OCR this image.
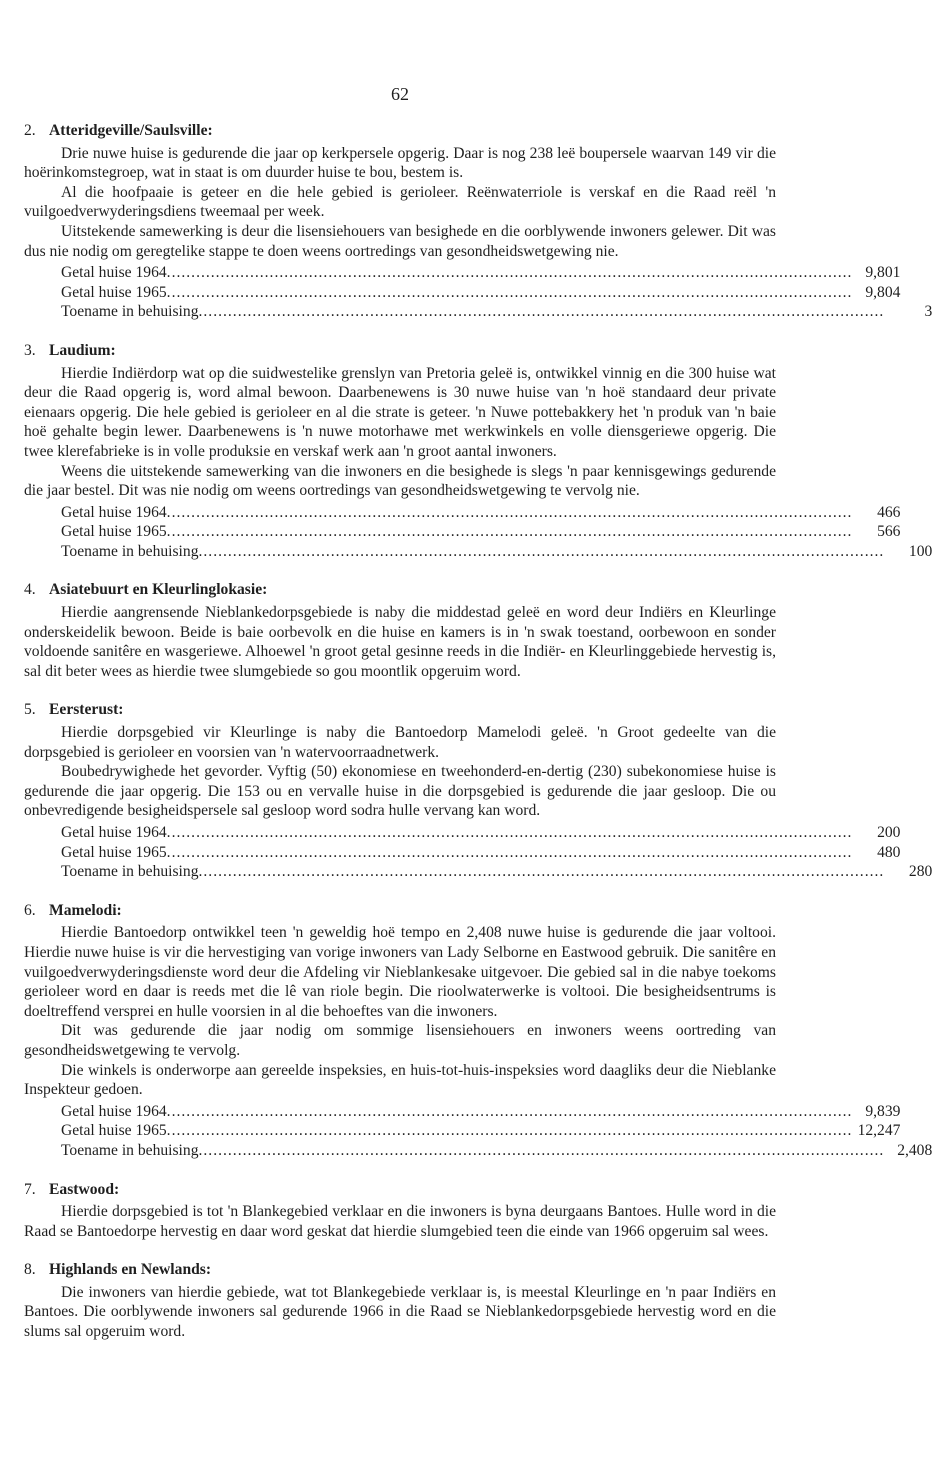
62
2. Atteridgeville/Saulsville:

Drie nuwe huise is gedurende die jaar op kerkpersele opgerig. Daar is nog 238 leë boupersele waarvan 149 vir die hoërinkomstegroep, wat in staat is om duurder huise te bou, bestem is.

Al die hoofpaaie is geteer en die hele gebied is gerioleer. Reënwaterriole is verskaf en die Raad reël 'n vuilgoedverwyderingsdiens tweemaal per week.

Uitstekende samewerking is deur die lisensiehouers van besighede en die oorblywende inwoners gelewer. Dit was dus nie nodig om geregtelike stappe te doen weens oortredings van gesondheidswetgewing nie.

Getal huise 1964 ............................................................................................................................................ 9,801
Getal huise 1965 ............................................................................................................................................ 9,804
Toename in behuising ............................................................................................................................................	3
3. Laudium:

Hierdie Indiërdorp wat op die suidwestelike grenslyn van Pretoria geleë is, ontwikkel vinnig en die 300 huise wat deur die Raad opgerig is, word almal bewoon. Daarbenewens is 30 nuwe huise van 'n hoë standaard deur private eienaars opgerig. Die hele gebied is gerioleer en al die strate is geteer. 'n Nuwe pottebakkery het 'n produk van 'n baie hoë gehalte begin lewer. Daarbenewens is 'n nuwe motorhawe met werkwinkels en volle diensgeriewe opgerig. Die twee klerefabrieke is in volle produksie en verskaf werk aan 'n groot aantal inwoners.

Weens die uitstekende samewerking van die inwoners en die besighede is slegs 'n paar kennisgewings gedurende die jaar bestel. Dit was nie nodig om weens oortredings van gesondheidswetgewing te vervolg nie.

Getal huise 1964 ............................................................................................................................................	466
Getal huise 1965 ............................................................................................................................................	566
Toename in behuising ............................................................................................................................................	100
4. Asiatebuurt en Kleurlinglokasie:

Hierdie aangrensende Nieblankedorpsgebiede is naby die middestad geleë en word deur Indiërs en Kleurlinge onderskeidelik bewoon. Beide is baie oorbevolk en die huise en kamers is in 'n swak toestand, oorbewoon en sonder voldoende sanitêre en wasgeriewe. Alhoewel 'n groot getal gesinne reeds in die Indiër- en Kleurlinggebiede hervestig is, sal dit beter wees as hierdie twee slumgebiede so gou moontlik opgeruim word.

5. Eersterust:

Hierdie dorpsgebied vir Kleurlinge is naby die Bantoedorp Mamelodi geleë. 'n Groot gedeelte van die dorpsgebied is gerioleer en voorsien van 'n watervoorraadnetwerk.

Boubedrywighede het gevorder. Vyftig (50) ekonomiese en tweehonderd-en-dertig (230) subekonomiese huise is gedurende die jaar opgerig. Die 153 ou en vervalle huise in die dorpsgebied is gedurende die jaar gesloop. Die ou onbevredigende besigheidspersele sal gesloop word sodra hulle vervang kan word.

Getal huise 1964 ............................................................................................................................................	200
Getal huise 1965 ............................................................................................................................................	480
Toename in behuising ............................................................................................................................................	280
6. Mamelodi:

Hierdie Bantoedorp ontwikkel teen 'n geweldig hoë tempo en 2,408 nuwe huise is gedurende die jaar voltooi. Hierdie nuwe huise is vir die hervestiging van vorige inwoners van Lady Selborne en Eastwood gebruik. Die sanitêre en vuilgoedverwyderingsdienste word deur die Afdeling vir Nieblankesake uitgevoer. Die gebied sal in die nabye toekoms gerioleer word en daar is reeds met die lê van riole begin. Die rioolwaterwerke is voltooi. Die besigheidsentrums is doeltreffend versprei en hulle voorsien in al die behoeftes van die inwoners.

Dit was gedurende die jaar nodig om sommige lisensiehouers en inwoners weens oortreding van gesondheidswetgewing te vervolg.

Die winkels is onderworpe aan gereelde inspeksies, en huis-tot-huis-inspeksies word daagliks deur die Nieblanke Inspekteur gedoen.

Getal huise 1964 ............................................................................................................................................ 9,839
Getal huise 1965 ............................................................................................................................................ 12,247
Toename in behuising ............................................................................................................................................ 2,408
7. Eastwood:

Hierdie dorpsgebied is tot 'n Blankegebied verklaar en die inwoners is byna deurgaans Bantoes. Hulle word in die Raad se Bantoedorpe hervestig en daar word geskat dat hierdie slumgebied teen die einde van 1966 opgeruim sal wees.

8. Highlands en Newlands:

Die inwoners van hierdie gebiede, wat tot Blankegebiede verklaar is, is meestal Kleurlinge en 'n paar Indiërs en Bantoes. Die oorblywende inwoners sal gedurende 1966 in die Raad se Nieblankedorpsgebiede hervestig word en die slums sal opgeruim word.
